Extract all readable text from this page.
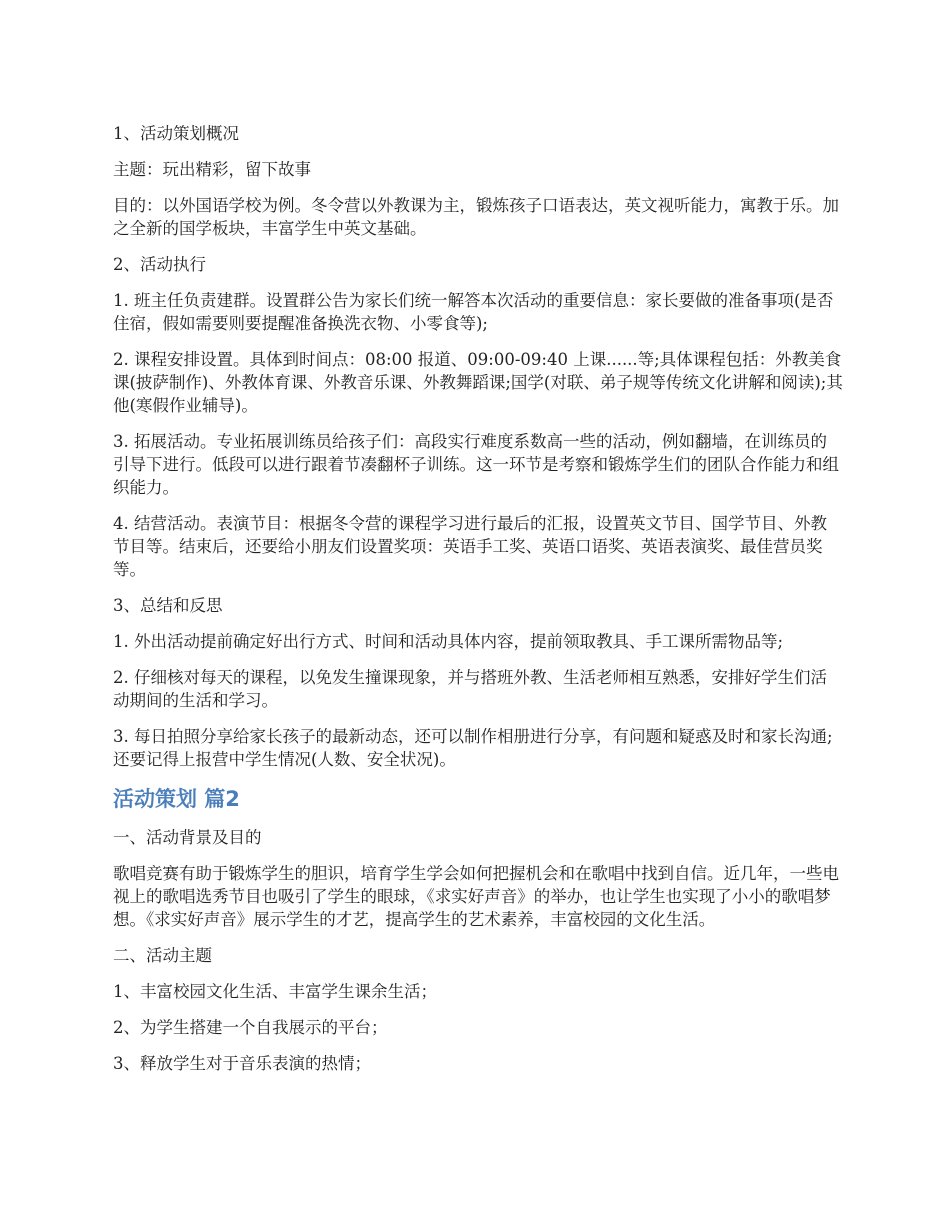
1、活动策划概况

主题：玩出精彩，留下故事

目的：以外国语学校为例。冬令营以外教课为主，锻炼孩子口语表达，英文视听能力，寓教于乐。加之全新的国学板块，丰富学生中英文基础。

2、活动执行

1. 班主任负责建群。设置群公告为家长们统一解答本次活动的重要信息：家长要做的准备事项(是否住宿，假如需要则要提醒准备换洗衣物、小零食等);

2. 课程安排设置。具体到时间点：08:00 报道、09:00-09:40 上课......等;具体课程包括：外教美食课(披萨制作)、外教体育课、外教音乐课、外教舞蹈课;国学(对联、弟子规等传统文化讲解和阅读);其他(寒假作业辅导)。

3. 拓展活动。专业拓展训练员给孩子们：高段实行难度系数高一些的活动，例如翻墙，在训练员的引导下进行。低段可以进行跟着节凑翻杯子训练。这一环节是考察和锻炼学生们的团队合作能力和组织能力。

4. 结营活动。表演节目：根据冬令营的课程学习进行最后的汇报，设置英文节目、国学节目、外教节目等。结束后，还要给小朋友们设置奖项：英语手工奖、英语口语奖、英语表演奖、最佳营员奖等。

3、总结和反思

1. 外出活动提前确定好出行方式、时间和活动具体内容，提前领取教具、手工课所需物品等;

2. 仔细核对每天的课程，以免发生撞课现象，并与搭班外教、生活老师相互熟悉，安排好学生们活动期间的生活和学习。

3. 每日拍照分享给家长孩子的最新动态，还可以制作相册进行分享，有问题和疑惑及时和家长沟通;还要记得上报营中学生情况(人数、安全状况)。

活动策划 篇2

一、活动背景及目的

歌唱竞赛有助于锻炼学生的胆识，培育学生学会如何把握机会和在歌唱中找到自信。近几年，一些电视上的歌唱选秀节目也吸引了学生的眼球，《求实好声音》的举办，也让学生也实现了小小的歌唱梦想。《求实好声音》展示学生的才艺，提高学生的艺术素养，丰富校园的文化生活。

二、活动主题

1、丰富校园文化生活、丰富学生课余生活；

2、为学生搭建一个自我展示的平台；

3、释放学生对于音乐表演的热情；
